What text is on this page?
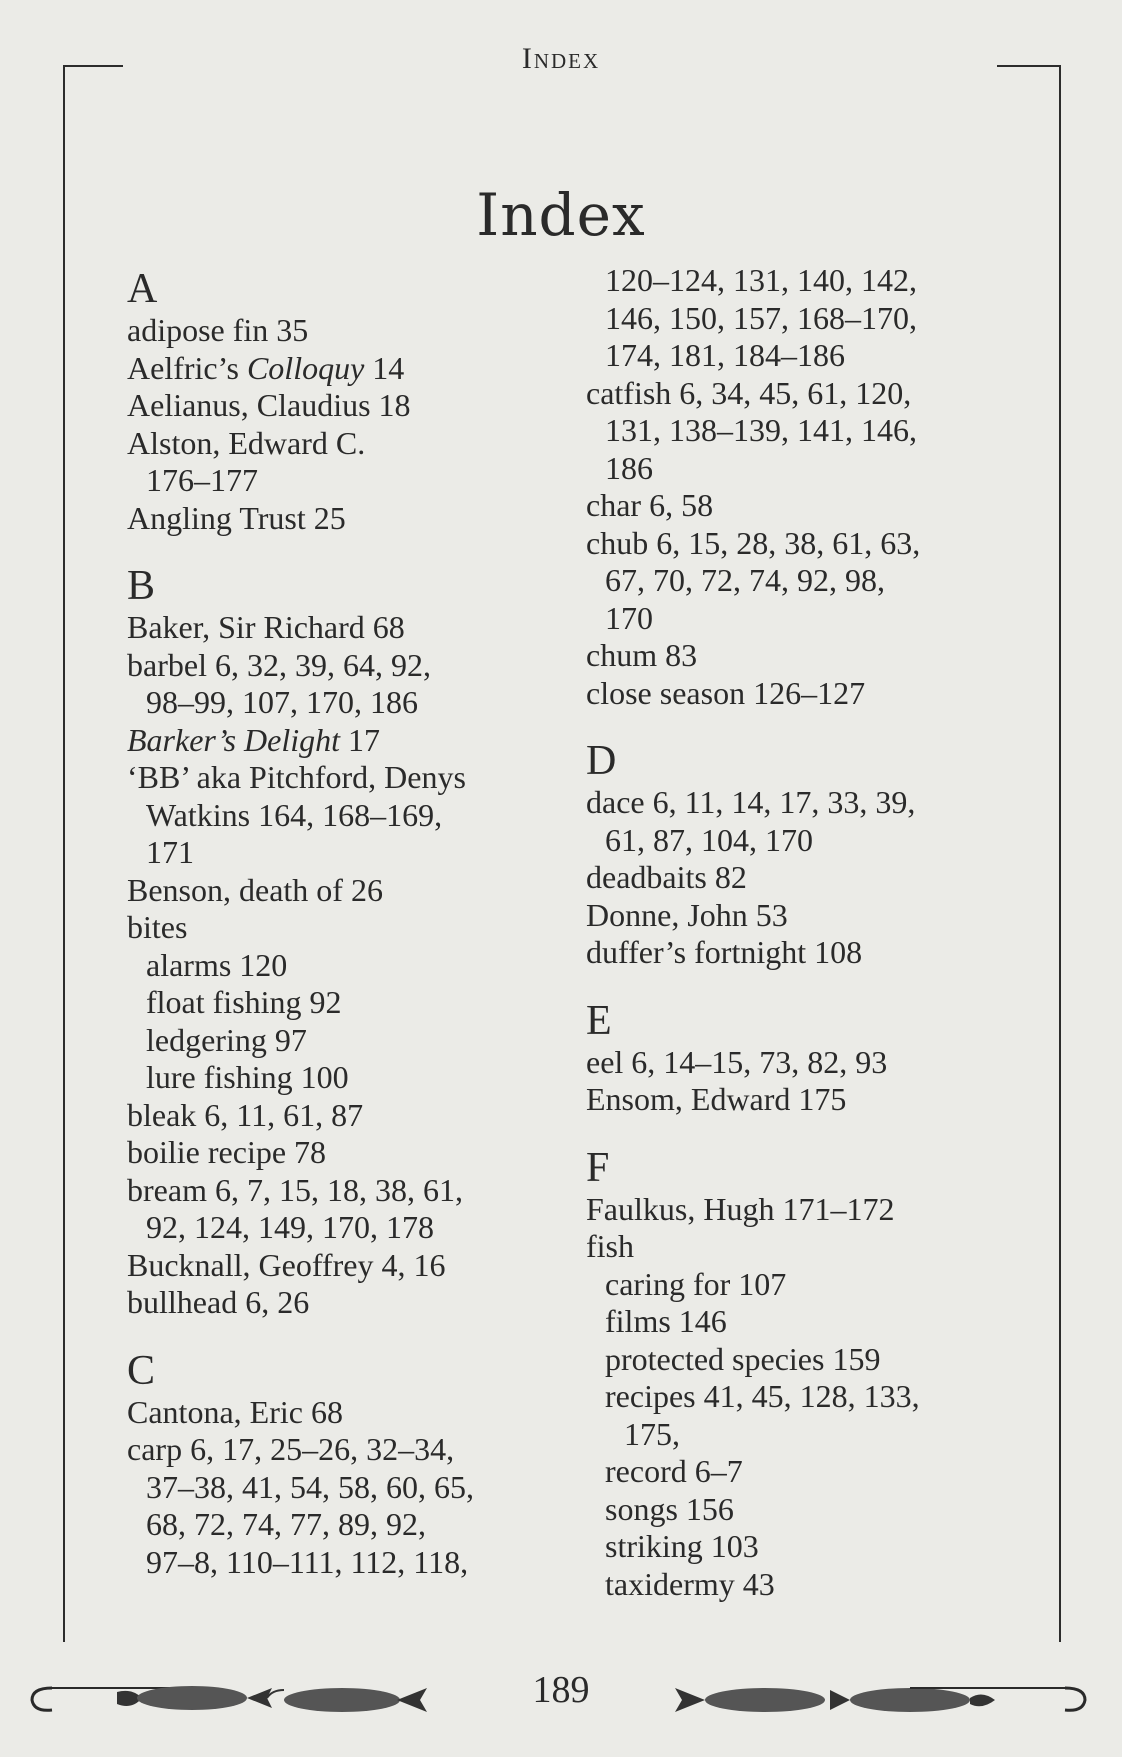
Index
Index
A
adipose fin 35
Aelfric’s Colloquy 14
Aelianus, Claudius 18
Alston, Edward C.
176–177
Angling Trust 25
B
Baker, Sir Richard 68
barbel 6, 32, 39, 64, 92,
98–99, 107, 170, 186
Barker’s Delight 17
‘BB’ aka Pitchford, Denys
Watkins 164, 168–169,
171
Benson, death of 26
bites
alarms 120
float fishing 92
ledgering 97
lure fishing 100
bleak 6, 11, 61, 87
boilie recipe 78
bream 6, 7, 15, 18, 38, 61,
92, 124, 149, 170, 178
Bucknall, Geoffrey 4, 16
bullhead 6, 26
C
Cantona, Eric 68
carp 6, 17, 25–26, 32–34,
37–38, 41, 54, 58, 60, 65,
68, 72, 74, 77, 89, 92,
97–8, 110–111, 112, 118,
120–124, 131, 140, 142,
146, 150, 157, 168–170,
174, 181, 184–186
catfish 6, 34, 45, 61, 120,
131, 138–139, 141, 146,
186
char 6, 58
chub 6, 15, 28, 38, 61, 63,
67, 70, 72, 74, 92, 98,
170
chum 83
close season 126–127
D
dace 6, 11, 14, 17, 33, 39,
61, 87, 104, 170
deadbaits 82
Donne, John 53
duffer’s fortnight 108
E
eel 6, 14–15, 73, 82, 93
Ensom, Edward 175
F
Faulkus, Hugh 171–172
fish
caring for 107
films 146
protected species 159
recipes 41, 45, 128, 133,
175,
record 6–7
songs 156
striking 103
taxidermy 43
189
